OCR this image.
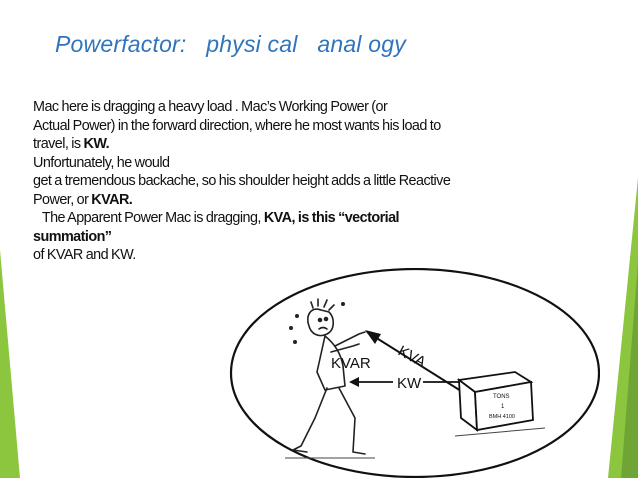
Powerfactor:   physi cal   anal ogy
Mac here is dragging a heavy load . Mac’s Working Power (or
Actual Power) in the forward direction, where he most wants his load to
travel, is KW.
Unfortunately, he would
get a tremendous backache, so his shoulder height adds a little Reactive
Power, or KVAR.
The Apparent Power Mac is dragging, KVA, is this “vectorial
summation”
of KVAR and KW.
KVAR KVA
KW
TONS
1
BMH 4100
